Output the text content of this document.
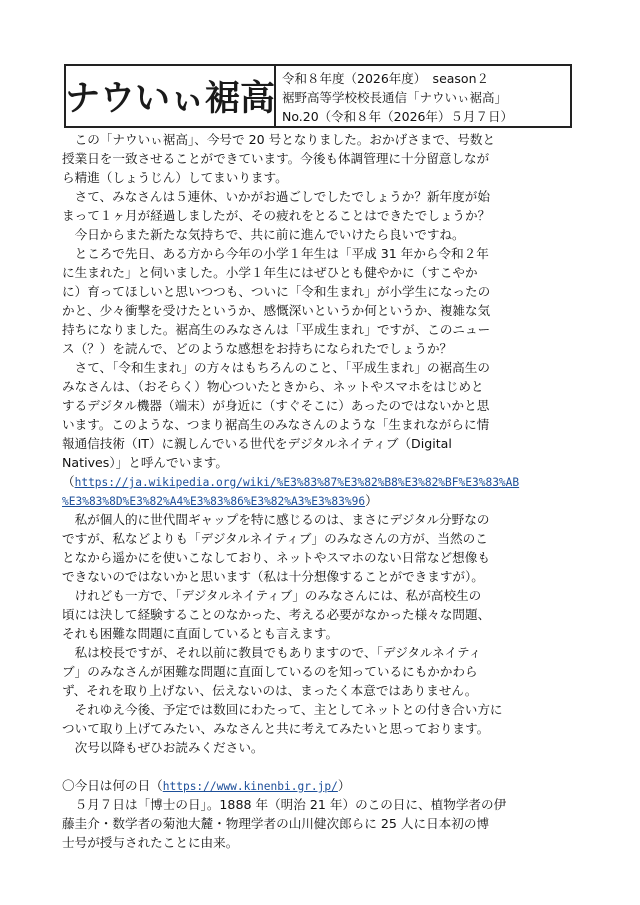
ナウいぃ裾高
令和８年度（2026年度）　season２
裾野高等学校校長通信「ナウいぃ裾高」
No.20（令和８年（2026年）５月７日）
　この「ナウいぃ裾高」、今号で 20 号となりました。おかげさまで、号数と
授業日を一致させることができています。今後も体調管理に十分留意しなが
ら精進（しょうじん）してまいります。
　さて、みなさんは５連休、いかがお過ごしでしたでしょうか？新年度が始
まって１ヶ月が経過しましたが、その疲れをとることはできたでしょうか？
　今日からまた新たな気持ちで、共に前に進んでいけたら良いですね。
　ところで先日、ある方から今年の小学１年生は「平成 31 年から令和２年
に生まれた」と伺いました。小学１年生にはぜひとも健やかに（すこやか
に）育ってほしいと思いつつも、ついに「令和生まれ」が小学生になったの
かと、少々衝撃を受けたというか、感慨深いというか何というか、複雑な気
持ちになりました。裾高生のみなさんは「平成生まれ」ですが、このニュー
ス（？）を読んで、どのような感想をお持ちになられたでしょうか？
　さて、「令和生まれ」の方々はもちろんのこと、「平成生まれ」の裾高生の
みなさんは、（おそらく）物心ついたときから、ネットやスマホをはじめと
するデジタル機器（端末）が身近に（すぐそこに）あったのではないかと思
います。このような、つまり裾高生のみなさんのような「生まれながらに情
報通信技術（IT）に親しんでいる世代をデジタルネイティブ（Digital
Natives）」と呼んでいます。
（https://ja.wikipedia.org/wiki/%E3%83%87%E3%82%B8%E3%82%BF%E3%83%AB
%E3%83%8D%E3%82%A4%E3%83%86%E3%82%A3%E3%83%96）
　私が個人的に世代間ギャップを特に感じるのは、まさにデジタル分野なの
ですが、私などよりも「デジタルネイティブ」のみなさんの方が、当然のこ
となから遥かにを使いこなしており、ネットやスマホのない日常など想像も
できないのではないかと思います（私は十分想像することができますが）。
　けれども一方で、「デジタルネイティブ」のみなさんには、私が高校生の
頃には決して経験することのなかった、考える必要がなかった様々な問題、
それも困難な問題に直面しているとも言えます。
　私は校長ですが、それ以前に教員でもありますので、「デジタルネイティ
ブ」のみなさんが困難な問題に直面しているのを知っているにもかかわら
ず、それを取り上げない、伝えないのは、まったく本意ではありません。
　それゆえ今後、予定では数回にわたって、主としてネットとの付き合い方に
ついて取り上げてみたい、みなさんと共に考えてみたいと思っております。
　次号以降もぜひお読みください。
〇今日は何の日（https://www.kinenbi.gr.jp/）
　５月７日は「博士の日」。1888 年（明治 21 年）のこの日に、植物学者の伊
藤圭介・数学者の菊池大麓・物理学者の山川健次郎らに 25 人に日本初の博
士号が授与されたことに由来。
